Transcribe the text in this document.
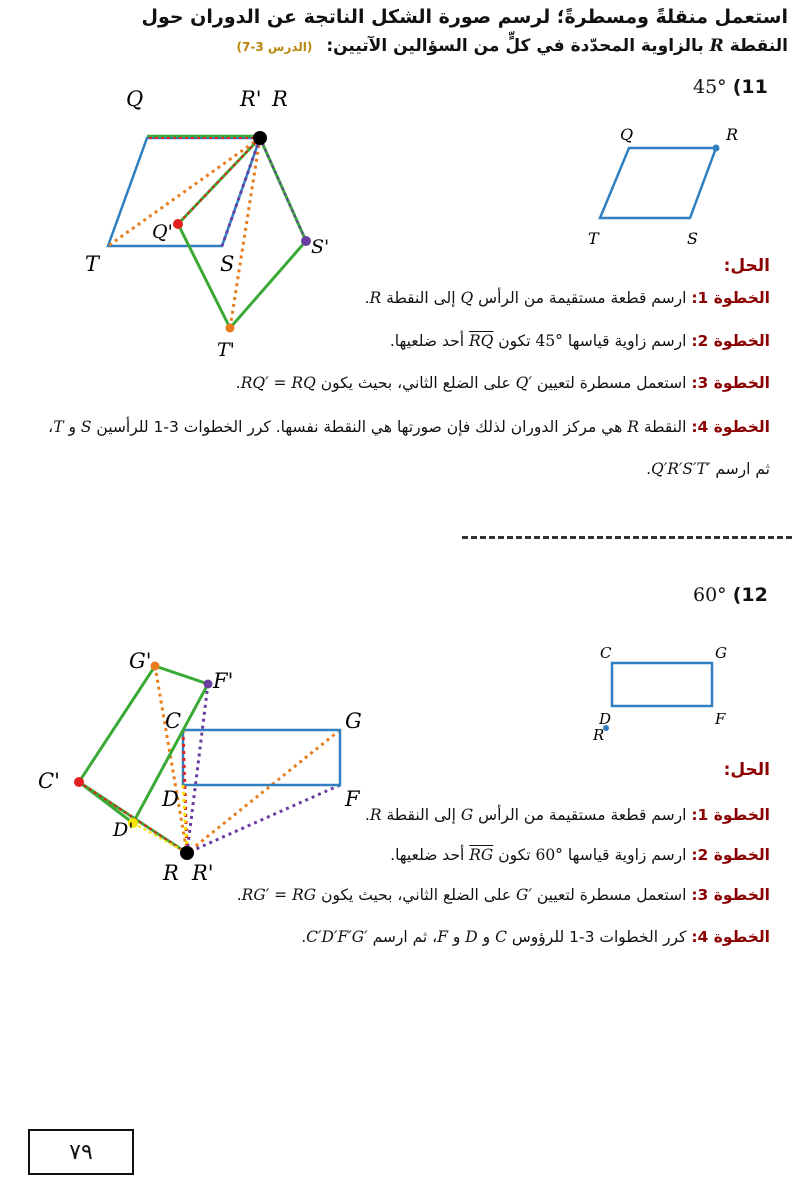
استعمل منقلةً ومسطرةً؛ لرسم صورة الشكل الناتجة عن الدوران حول
النقطة R بالزاوية المحدّدة في كلٍّ من السؤالين الآتيين: (الدرس 3-7)
45° (11
Q	R
T	S
Q	R' R
Q'
S'
T	S
T'
الحل:
الخطوة 1: ارسم قطعة مستقيمة من الرأس Q إلى النقطة R.
الخطوة 2: ارسم زاوية قياسها 45° تكون $\overline{RQ}$ أحد ضلعيها.
الخطوة 3: استعمل مسطرة لتعيين Q′ على الضلع الثاني، بحيث يكون RQ′ = RQ.
الخطوة 4: النقطة R هي مركز الدوران لذلك فإن صورتها هي النقطة نفسها. كرر الخطوات 3-1 للرأسين S و T،
ثم ارسم Q′R′S′T′.
60° (12
C	G
D	F
R
G'
F'
C	G
C'
D	F
D'
R R'
الحل:
الخطوة 1: ارسم قطعة مستقيمة من الرأس G إلى النقطة R.
الخطوة 2: ارسم زاوية قياسها 60° تكون $\overline{RG}$ أحد ضلعيها.
الخطوة 3: استعمل مسطرة لتعيين G′ على الضلع الثاني، بحيث يكون RG′ = RG.
الخطوة 4: كرر الخطوات 3-1 للرؤوس C و D و F، ثم ارسم C′D′F′G′.
٧٩
